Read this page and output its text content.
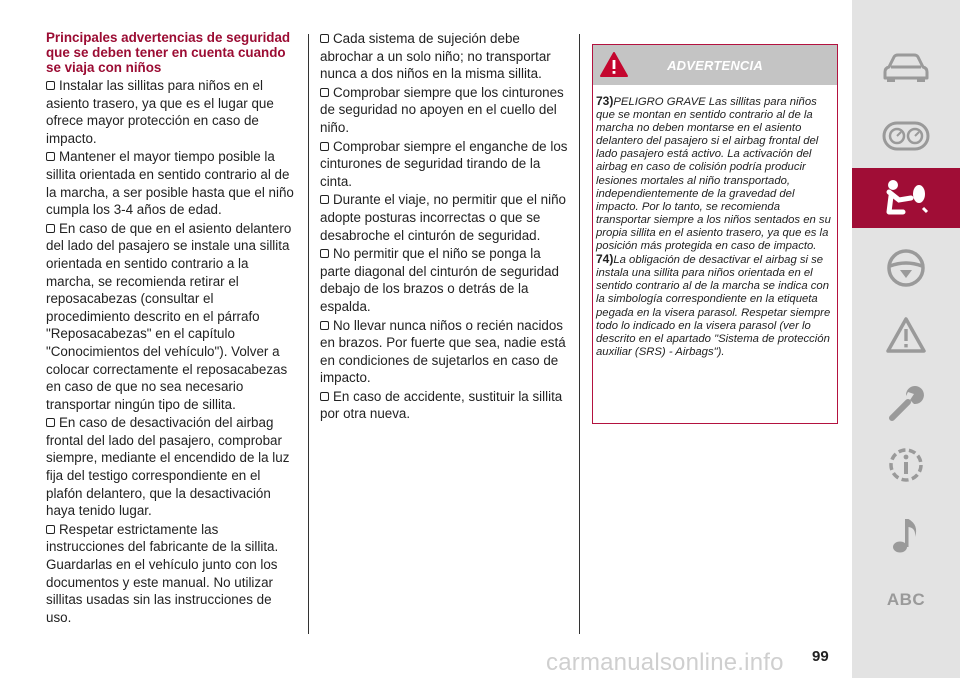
Principales advertencias de seguridad que se deben tener en cuenta cuando se viaja con niños
Instalar las sillitas para niños en el asiento trasero, ya que es el lugar que ofrece mayor protección en caso de impacto.
Mantener el mayor tiempo posible la sillita orientada en sentido contrario al de la marcha, a ser posible hasta que el niño cumpla los 3-4 años de edad.
En caso de que en el asiento delantero del lado del pasajero se instale una sillita orientada en sentido contrario a la marcha, se recomienda retirar el reposacabezas (consultar el procedimiento descrito en el párrafo "Reposacabezas" en el capítulo "Conocimientos del vehículo"). Volver a colocar correctamente el reposacabezas en caso de que no sea necesario transportar ningún tipo de sillita.
En caso de desactivación del airbag frontal del lado del pasajero, comprobar siempre, mediante el encendido de la luz fija del testigo correspondiente en el plafón delantero, que la desactivación haya tenido lugar.
Respetar estrictamente las instrucciones del fabricante de la sillita. Guardarlas en el vehículo junto con los documentos y este manual. No utilizar sillitas usadas sin las instrucciones de uso.
Cada sistema de sujeción debe abrochar a un solo niño; no transportar nunca a dos niños en la misma sillita.
Comprobar siempre que los cinturones de seguridad no apoyen en el cuello del niño.
Comprobar siempre el enganche de los cinturones de seguridad tirando de la cinta.
Durante el viaje, no permitir que el niño adopte posturas incorrectas o que se desabroche el cinturón de seguridad.
No permitir que el niño se ponga la parte diagonal del cinturón de seguridad debajo de los brazos o detrás de la espalda.
No llevar nunca niños o recién nacidos en brazos. Por fuerte que sea, nadie está en condiciones de sujetarlos en caso de impacto.
En caso de accidente, sustituir la sillita por otra nueva.
ADVERTENCIA

73)PELIGRO GRAVE Las sillitas para niños que se montan en sentido contrario al de la marcha no deben montarse en el asiento delantero del pasajero si el airbag frontal del lado pasajero está activo. La activación del airbag en caso de colisión podría producir lesiones mortales al niño transportado, independientemente de la gravedad del impacto. Por lo tanto, se recomienda transportar siempre a los niños sentados en su propia sillita en el asiento trasero, ya que es la posición más protegida en caso de impacto.

74)La obligación de desactivar el airbag si se instala una sillita para niños orientada en el sentido contrario al de la marcha se indica con la simbología correspondiente en la etiqueta pegada en la visera parasol. Respetar siempre todo lo indicado en la visera parasol (ver lo descrito en el apartado "Sistema de protección auxiliar (SRS) - Airbags").

ABC
carmanualsonline.info 99
